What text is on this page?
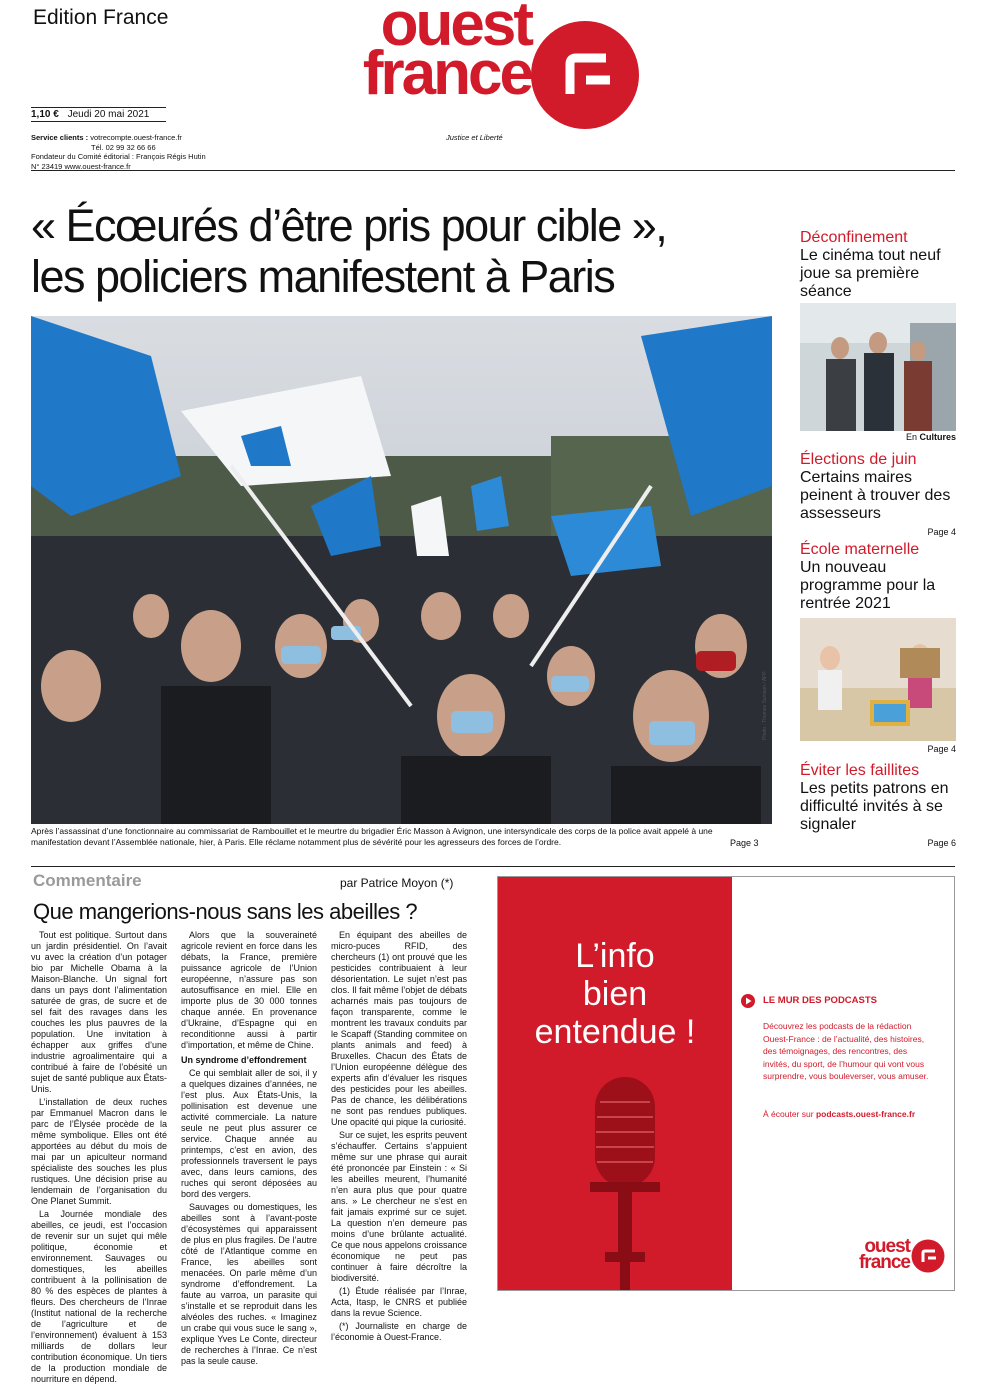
Edition France	ouest
france
Justice et Liberté
1,10 € Jeudi 20 mai 2021
Service clients : votrecompte.ouest-france.fr
Tél. 02 99 32 66 66
Fondateur du Comité éditorial : François Régis Hutin
N° 23419 www.ouest-france.fr
« Écœurés d’être pris pour cible »,
les policiers manifestent à Paris
Photo : Thomas Samson / AFP
Après l’assassinat d’une fonctionnaire au commissariat de Rambouillet et le meurtre du brigadier Éric Masson à Avignon, une intersyndicale des corps de la police avait appelé à une manifestation devant l’Assemblée nationale, hier, à Paris. Elle réclame notamment plus de sévérité pour les agresseurs des forces de l’ordre.	Page 3
Déconfinement
Le cinéma tout neuf joue sa première séance
En Cultures
Élections de juin
Certains maires peinent à trouver des assesseurs
Page 4
École maternelle
Un nouveau programme pour la rentrée 2021
Page 4
Éviter les faillites
Les petits patrons en difficulté invités à se signaler
Page 6
Commentaire	par Patrice Moyon (*)
Que mangerions-nous sans les abeilles ?

Tout est politique. Surtout dans un jardin présidentiel. On l’avait vu avec la création d’un potager bio par Michelle Obama à la Maison-Blanche. Un signal fort dans un pays dont l’alimentation saturée de gras, de sucre et de sel fait des ravages dans les couches les plus pauvres de la population. Une invitation à échapper aux griffes d’une industrie agroalimentaire qui a contribué à faire de l’obésité un sujet de santé publique aux États-Unis.

L’installation de deux ruches par Emmanuel Macron dans le parc de l’Élysée procède de la même symbolique. Elles ont été apportées au début du mois de mai par un apiculteur normand spécialiste des souches les plus rustiques. Une décision prise au lendemain de l’organisation du One Planet Summit.

La Journée mondiale des abeilles, ce jeudi, est l’occasion de revenir sur un sujet qui mêle politique, économie et environnement. Sauvages ou domestiques, les abeilles contribuent à la pollinisation de 80 % des espèces de plantes à fleurs. Des chercheurs de l’Inrae (Institut national de la recherche de l’agriculture et de l’environnement) évaluent à 153 milliards de dollars leur contribution économique. Un tiers de la production mondiale de nourriture en dépend.

Alors que la souveraineté agricole revient en force dans les débats, la France, première puissance agricole de l’Union européenne, n’assure pas son autosuffisance en miel. Elle en importe plus de 30 000 tonnes chaque année. En provenance d’Ukraine, d’Espagne qui en reconditionne aussi à partir d’importation, et même de Chine.

Un syndrome d’effondrement

Ce qui semblait aller de soi, il y a quelques dizaines d’années, ne l’est plus. Aux États-Unis, la pollinisation est devenue une activité commerciale. La nature seule ne peut plus assurer ce service. Chaque année au printemps, c’est en avion, des professionnels traversent le pays avec, dans leurs camions, des ruches qui seront déposées au bord des vergers.

Sauvages ou domestiques, les abeilles sont à l’avant-poste d’écosystèmes qui apparaissent de plus en plus fragiles. De l’autre côté de l’Atlantique comme en France, les abeilles sont menacées. On parle même d’un syndrome d’effondrement. La faute au varroa, un parasite qui s’installe et se reproduit dans les alvéoles des ruches. « Imaginez un crabe qui vous suce le sang », explique Yves Le Conte, directeur de recherches à l’Inrae. Ce n’est pas la seule cause.

En équipant des abeilles de micro-puces RFID, des chercheurs (1) ont prouvé que les pesticides contribuaient à leur désorientation. Le sujet n’est pas clos. Il fait même l’objet de débats acharnés mais pas toujours de façon transparente, comme le montrent les travaux conduits par le Scapaff (Standing commitee on plants animals and feed) à Bruxelles. Chacun des États de l’Union européenne délègue des experts afin d’évaluer les risques des pesticides pour les abeilles. Pas de chance, les délibérations ne sont pas rendues publiques. Une opacité qui pique la curiosité.

Sur ce sujet, les esprits peuvent s’échauffer. Certains s’appuient même sur une phrase qui aurait été prononcée par Einstein : « Si les abeilles meurent, l’humanité n’en aura plus que pour quatre ans. » Le chercheur ne s’est en fait jamais exprimé sur ce sujet. La question n’en demeure pas moins d’une brûlante actualité. Ce que nous appelons croissance économique ne peut pas continuer à faire décroître la biodiversité.

(1) Étude réalisée par l’Inrae, Acta, Itasp, le CNRS et publiée dans la revue Science.

(*) Journaliste en charge de l’économie à Ouest-France.

L’info
bien
entendue !
LE MUR DES PODCASTS
Découvrez les podcasts de la rédaction Ouest-France : de l’actualité, des histoires, des témoignages, des rencontres, des invités, du sport, de l’humour qui vont vous surprendre, vous bouleverser, vous amuser.
À écouter sur podcasts.ouest-france.fr
ouest
france
